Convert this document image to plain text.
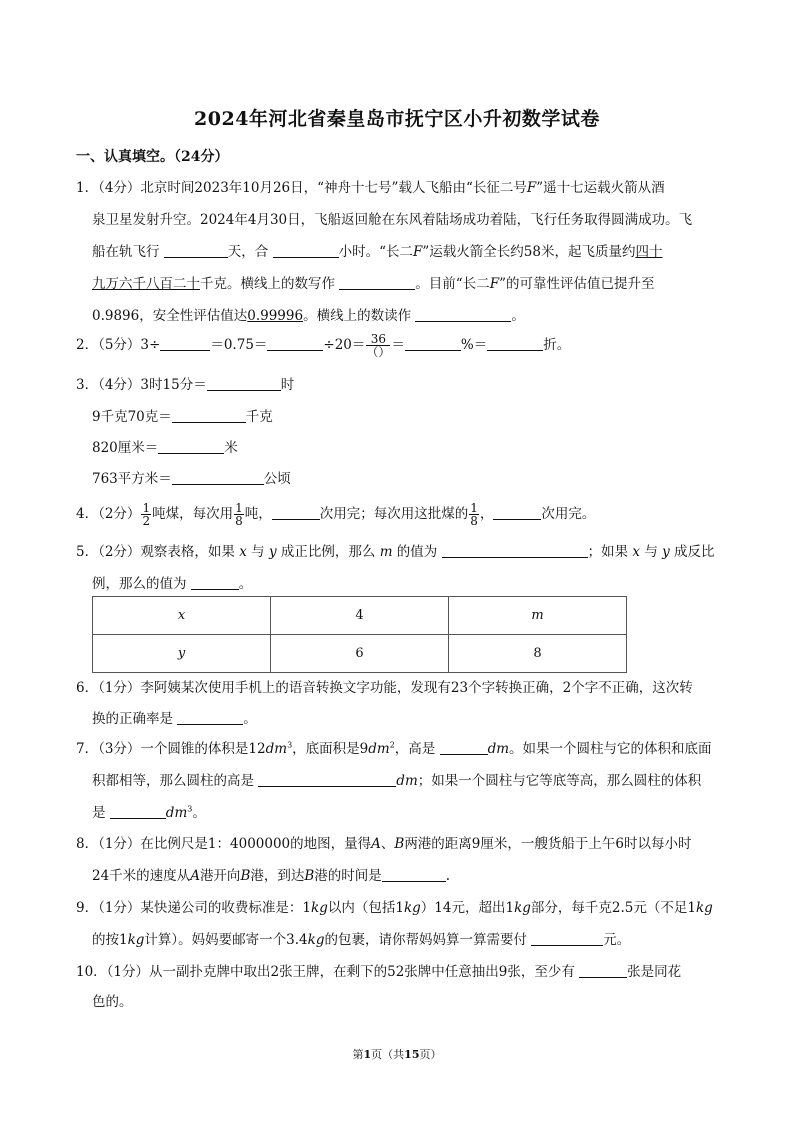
2024年河北省秦皇岛市抚宁区小升初数学试卷
一、认真填空。（24分）
1．（4分）北京时间2023年10月26日，“神舟十七号”载人飞船由“长征二号F”遥十七运载火箭从酒
泉卫星发射升空。2024年4月30日，飞船返回舱在东风着陆场成功着陆，飞行任务取得圆满成功。飞
船在轨飞行	天，合	小时。“长二F”运载火箭全长约58米，起飞质量约四十
九万六千八百二十千克。横线上的数写作	。目前“长二F”的可靠性评估值已提升至
0.9896，安全性评估值达0.99996。横线上的数读作	。
2．（5分）3÷	＝0.75＝	$\div 20= \frac{36}{()}$ ＝	%＝	折。
3．（4分）3时15分＝	时
9千克70克＝	千克
820厘米＝	米
763平方米＝	公顷
4．（2分） $\frac{1}{2}$ 吨煤，每次用 $\frac{1}{8}$ 吨，	次用完；每次用这批煤的 $\frac{1}{8}$ ，	次用完。
5．（2分）观察表格，如果 x 与 y 成正比例，那么 m 的值为	；如果 x 与 y 成反比
例，那么的值为	。
x	4	m
y	6	8
6．（1分）李阿姨某次使用手机上的语音转换文字功能，发现有23个字转换正确，2个字不正确，这次转
换的正确率是	。
7．（3分）一个圆锥的体积是$12dm^3$，底面积是$9dm^2$，高是	dm。如果一个圆柱与它的体积和底面
积都相等，那么圆柱的高是	dm；如果一个圆柱与它等底等高，那么圆柱的体积
是	$dm^3$。
8．（1分）在比例尺是1：4000000的地图，量得A、B两港的距离9厘米，一艘货船于上午6时以每小时
24千米的速度从A港开向B港，到达B港的时间是	.
9．（1分）某快递公司的收费标准是：1kg以内（包括1kg）14元，超出1kg部分，每千克2.5元（不足1kg
的按1kg计算）。妈妈要邮寄一个3.4kg的包裹，请你帮妈妈算一算需要付	元。
10．（1分）从一副扑克牌中取出2张王牌，在剩下的52张牌中任意抽出9张，至少有	张是同花
色的。
第1页（共15页）
